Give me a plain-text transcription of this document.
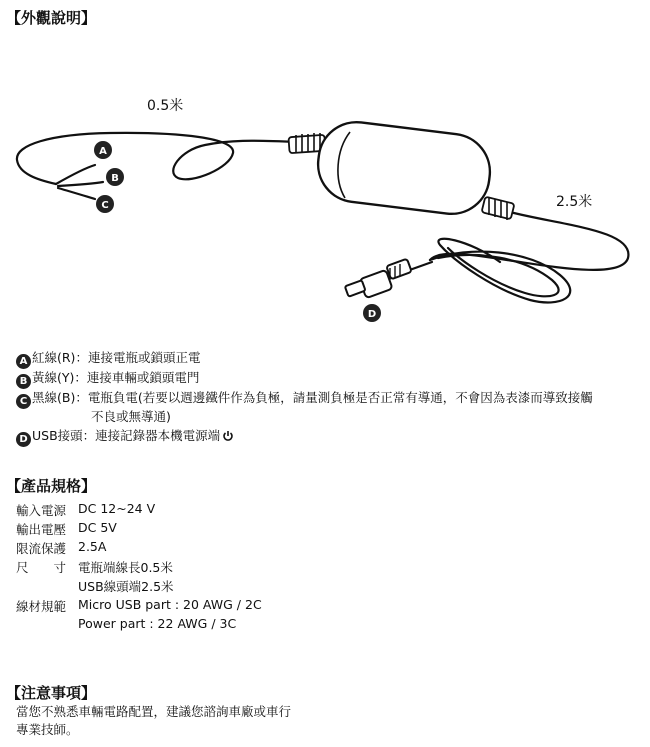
【外觀說明】
0.5米
2.5米
A
B
C
D
A 紅線(R)：連接電瓶或鎖頭正電
B 黃線(Y)：連接車輛或鎖頭電門
C 黑線(B)：電瓶負電(若要以週邊鐵件作為負極，請量測負極是否正常有導通，不會因為表漆而導致接觸
不良或無導通)
D USB接頭：連接記錄器本機電源端
【產品規格】
輸入電源 DC 12~24 V
輸出電壓 DC 5V
限流保護 2.5A
尺　　寸 電瓶端線長0.5米
USB線頭端2.5米
線材規範 Micro USB part : 20 AWG / 2C
Power part : 22 AWG / 3C
【注意事項】
當您不熟悉車輛電路配置，建議您諮詢車廠或車行
專業技師。
